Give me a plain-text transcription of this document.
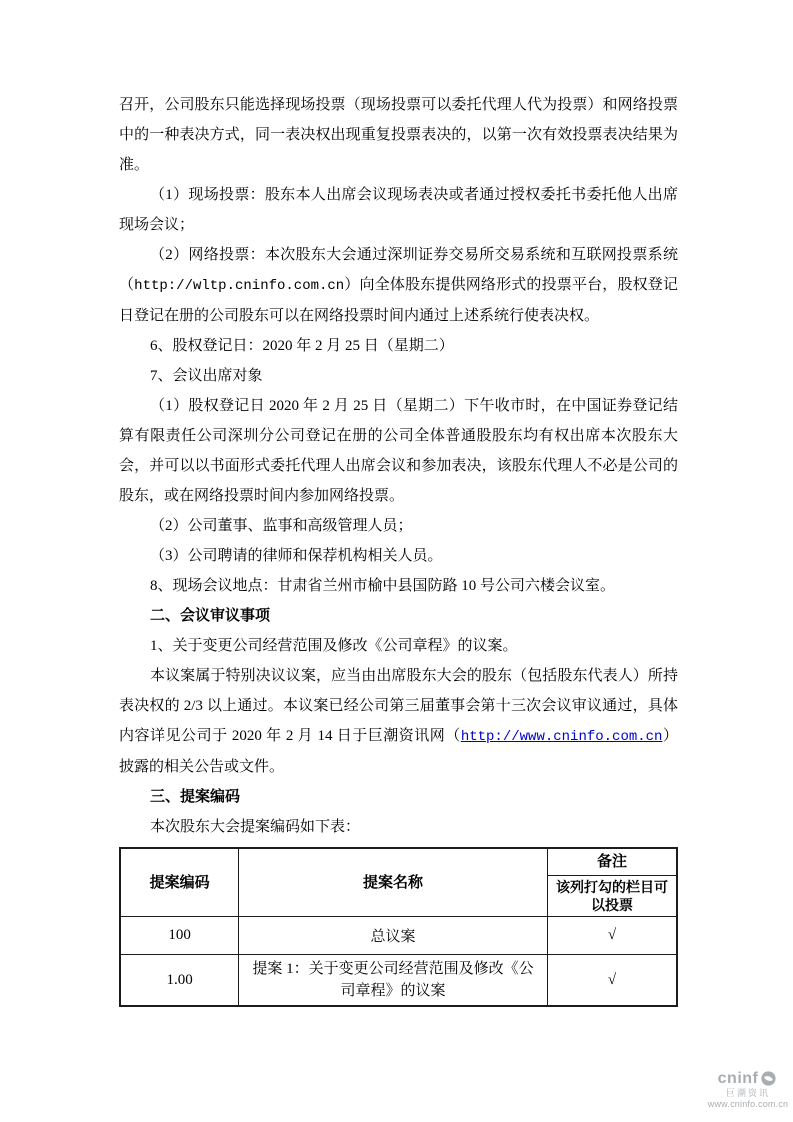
召开，公司股东只能选择现场投票（现场投票可以委托代理人代为投票）和网络投票中的一种表决方式，同一表决权出现重复投票表决的，以第一次有效投票表决结果为准。

（1）现场投票：股东本人出席会议现场表决或者通过授权委托书委托他人出席现场会议；

（2）网络投票：本次股东大会通过深圳证券交易所交易系统和互联网投票系统 （http://wltp.cninfo.com.cn）向全体股东提供网络形式的投票平台，股权登记日登记在册的公司股东可以在网络投票时间内通过上述系统行使表决权。

6、股权登记日：2020 年 2 月 25 日（星期二）

7、会议出席对象

（1）股权登记日 2020 年 2 月 25 日（星期二）下午收市时，在中国证券登记结算有限责任公司深圳分公司登记在册的公司全体普通股股东均有权出席本次股东大会，并可以以书面形式委托代理人出席会议和参加表决，该股东代理人不必是公司的股东，或在网络投票时间内参加网络投票。

（2）公司董事、监事和高级管理人员；

（3）公司聘请的律师和保荐机构相关人员。

8、现场会议地点：甘肃省兰州市榆中县国防路 10 号公司六楼会议室。

二、会议审议事项

1、关于变更公司经营范围及修改《公司章程》的议案。

本议案属于特别决议议案，应当由出席股东大会的股东（包括股东代表人）所持表决权的 2/3 以上通过。本议案已经公司第三届董事会第十三次会议审议通过，具体内容详见公司于 2020 年 2 月 14 日于巨潮资讯网（http://www.cninfo.com.cn）披露的相关公告或文件。

三、提案编码

本次股东大会提案编码如下表：

提案编码	提案名称	备注
		该列打勾的栏目可以投票
100	总议案	√
1.00	提案 1：关于变更公司经营范围及修改《公司章程》的议案	√
cninf
巨潮资讯
www.cninfo.com.cn
